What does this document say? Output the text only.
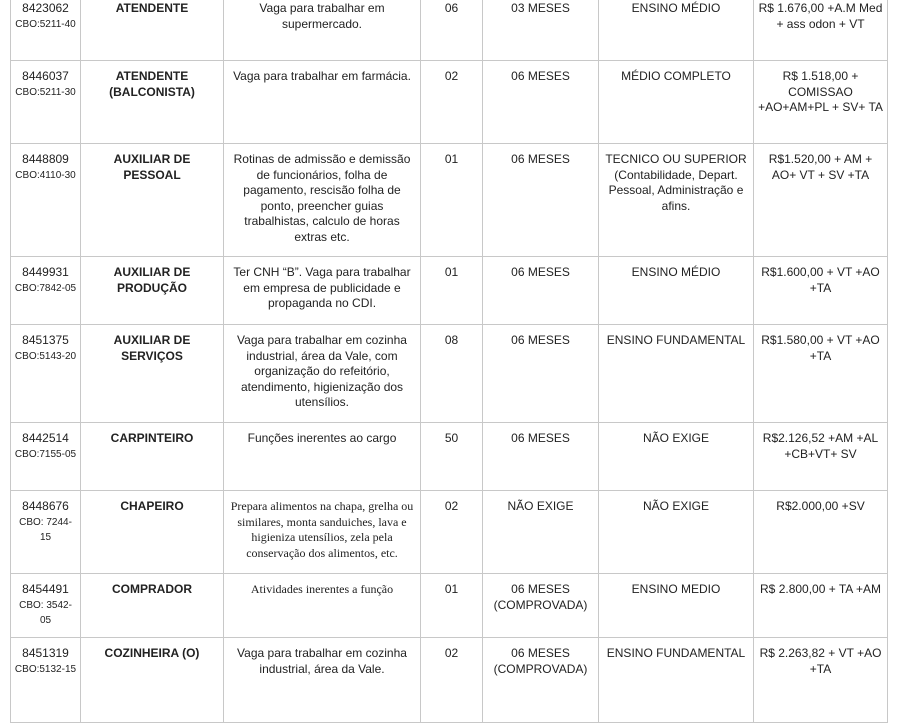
8423062
CBO:5211-40	ATENDENTE	Vaga para trabalhar em supermercado.	06	03 MESES	ENSINO MÉDIO	R$ 1.676,00 +A.M Med + ass odon + VT

8446037
CBO:5211-30	ATENDENTE (BALCONISTA)	Vaga para trabalhar em farmácia.	02	06 MESES	MÉDIO COMPLETO	R$ 1.518,00 + COMISSAO +AO+AM+PL + SV+ TA

8448809
CBO:4110-30	AUXILIAR DE PESSOAL	Rotinas de admissão e demissão de funcionários, folha de pagamento, rescisão folha de ponto, preencher guias trabalhistas, calculo de horas extras etc.	01	06 MESES	TECNICO OU SUPERIOR (Contabilidade, Depart. Pessoal, Administração e afins.	R$1.520,00 + AM + AO+ VT + SV +TA

8449931
CBO:7842-05	AUXILIAR DE PRODUÇÃO	Ter CNH “B”. Vaga para trabalhar em empresa de publicidade e propaganda no CDI.	01	06 MESES	ENSINO MÉDIO	R$1.600,00 + VT +AO +TA

8451375
CBO:5143-20	AUXILIAR DE SERVIÇOS	Vaga para trabalhar em cozinha industrial, área da Vale, com organização do refeitório, atendimento, higienização dos utensílios.	08	06 MESES	ENSINO FUNDAMENTAL	R$1.580,00 + VT +AO +TA

8442514
CBO:7155-05	CARPINTEIRO	Funções inerentes ao cargo	50	06 MESES	NÃO EXIGE	R$2.126,52 +AM +AL +CB+VT+ SV

8448676
CBO: 7244-15	CHAPEIRO	Prepara alimentos na chapa, grelha ou similares, monta sanduiches, lava e higieniza utensílios, zela pela conservação dos alimentos, etc.	02	NÃO EXIGE	NÃO EXIGE	R$2.000,00 +SV

8454491
CBO: 3542-05	COMPRADOR	Atividades inerentes a função	01	06 MESES (COMPROVADA)	ENSINO MEDIO	R$ 2.800,00 + TA +AM

8451319
CBO:5132-15	COZINHEIRA (O)	Vaga para trabalhar em cozinha industrial, área da Vale.	02	06 MESES (COMPROVADA)	ENSINO FUNDAMENTAL	R$ 2.263,82 + VT +AO +TA
